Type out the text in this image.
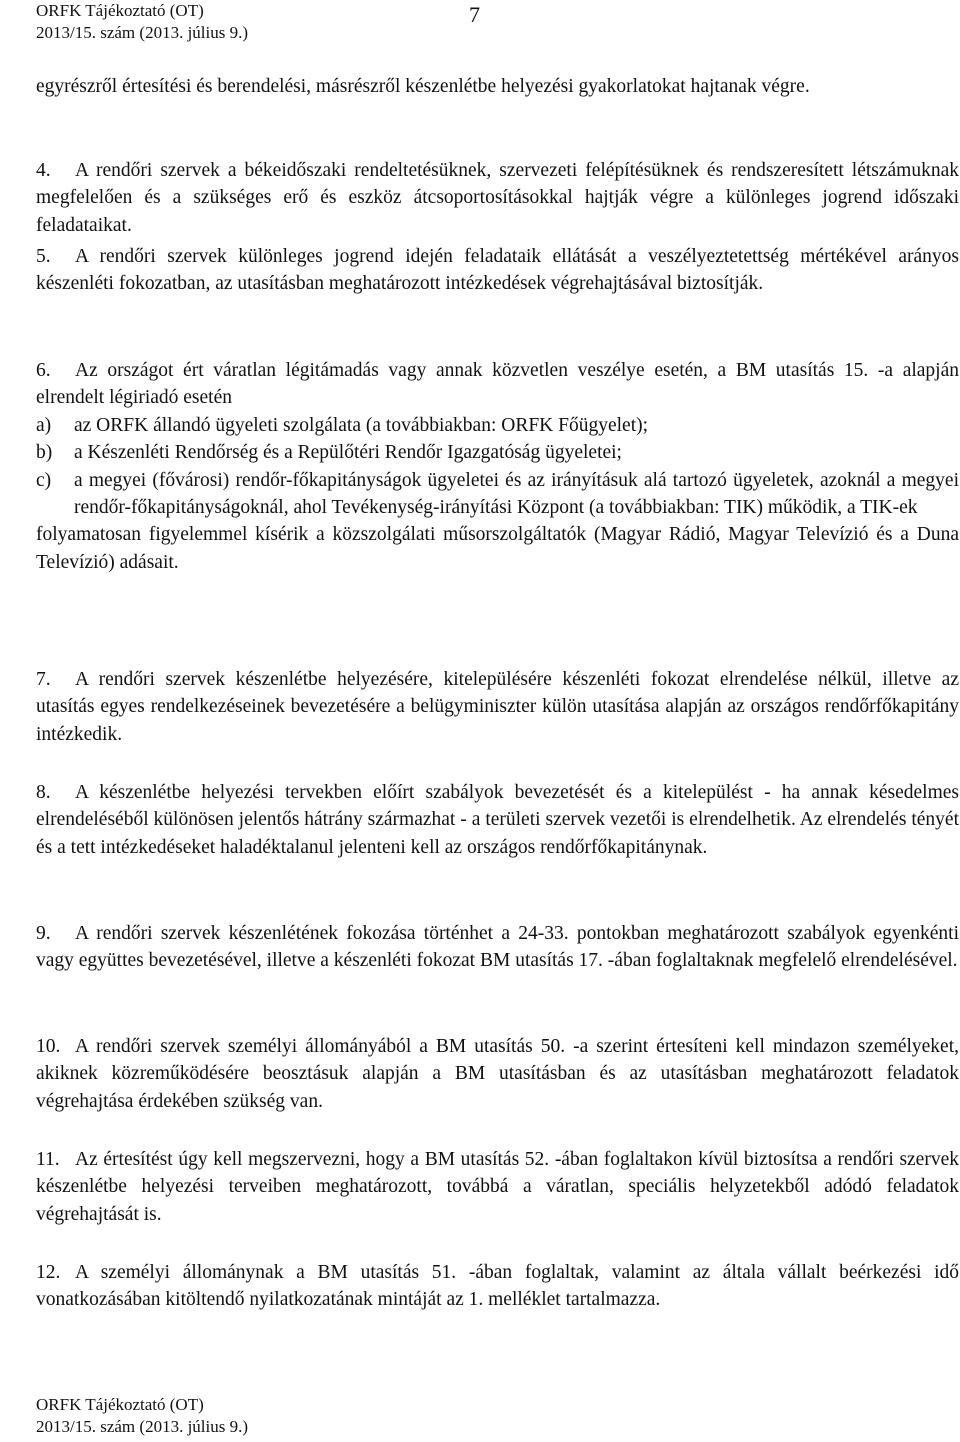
ORFK Tájékoztató (OT)
2013/15. szám (2013. július 9.)
7
egyrészről értesítési és berendelési, másrészről készenlétbe helyezési gyakorlatokat hajtanak végre.
4. A rendőri szervek a békeidőszaki rendeltetésüknek, szervezeti felépítésüknek és rendszeresített létszámuknak megfelelően és a szükséges erő és eszköz átcsoportosításokkal hajtják végre a különleges jogrend időszaki feladataikat.
5. A rendőri szervek különleges jogrend idején feladataik ellátását a veszélyeztetettség mértékével arányos készenléti fokozatban, az utasításban meghatározott intézkedések végrehajtásával biztosítják.
6. Az országot ért váratlan légitámadás vagy annak közvetlen veszélye esetén, a BM utasítás 15. -a alapján elrendelt légiriadó esetén
a) az ORFK állandó ügyeleti szolgálata (a továbbiakban: ORFK Főügyelet);
b) a Készenléti Rendőrség és a Repülőtéri Rendőr Igazgatóság ügyeletei;
c) a megyei (fővárosi) rendőr-főkapitányságok ügyeletei és az irányításuk alá tartozó ügyeletek, azoknál a megyei rendőr-főkapitányságoknál, ahol Tevékenység-irányítási Központ (a továbbiakban: TIK) működik, a TIK-ek
folyamatosan figyelemmel kísérik a közszolgálati műsorszolgáltatók (Magyar Rádió, Magyar Televízió és a Duna Televízió) adásait.
7. A rendőri szervek készenlétbe helyezésére, kitelepülésére készenléti fokozat elrendelése nélkül, illetve az utasítás egyes rendelkezéseinek bevezetésére a belügyminiszter külön utasítása alapján az országos rendőrfőkapitány intézkedik.
8. A készenlétbe helyezési tervekben előírt szabályok bevezetését és a kitelepülést - ha annak késedelmes elrendeléséből különösen jelentős hátrány származhat - a területi szervek vezetői is elrendelhetik. Az elrendelés tényét és a tett intézkedéseket haladéktalanul jelenteni kell az országos rendőrfőkapitánynak.
9. A rendőri szervek készenlétének fokozása történhet a 24-33. pontokban meghatározott szabályok egyenkénti vagy együttes bevezetésével, illetve a készenléti fokozat BM utasítás 17. -ában foglaltaknak megfelelő elrendelésével.
10. A rendőri szervek személyi állományából a BM utasítás 50. -a szerint értesíteni kell mindazon személyeket, akiknek közreműködésére beosztásuk alapján a BM utasításban és az utasításban meghatározott feladatok végrehajtása érdekében szükség van.
11. Az értesítést úgy kell megszervezni, hogy a BM utasítás 52. -ában foglaltakon kívül biztosítsa a rendőri szervek készenlétbe helyezési terveiben meghatározott, továbbá a váratlan, speciális helyzetekből adódó feladatok végrehajtását is.
12. A személyi állománynak a BM utasítás 51. -ában foglaltak, valamint az általa vállalt beérkezési idő vonatkozásában kitöltendő nyilatkozatának mintáját az 1. melléklet tartalmazza.
ORFK Tájékoztató (OT)
2013/15. szám (2013. július 9.)
